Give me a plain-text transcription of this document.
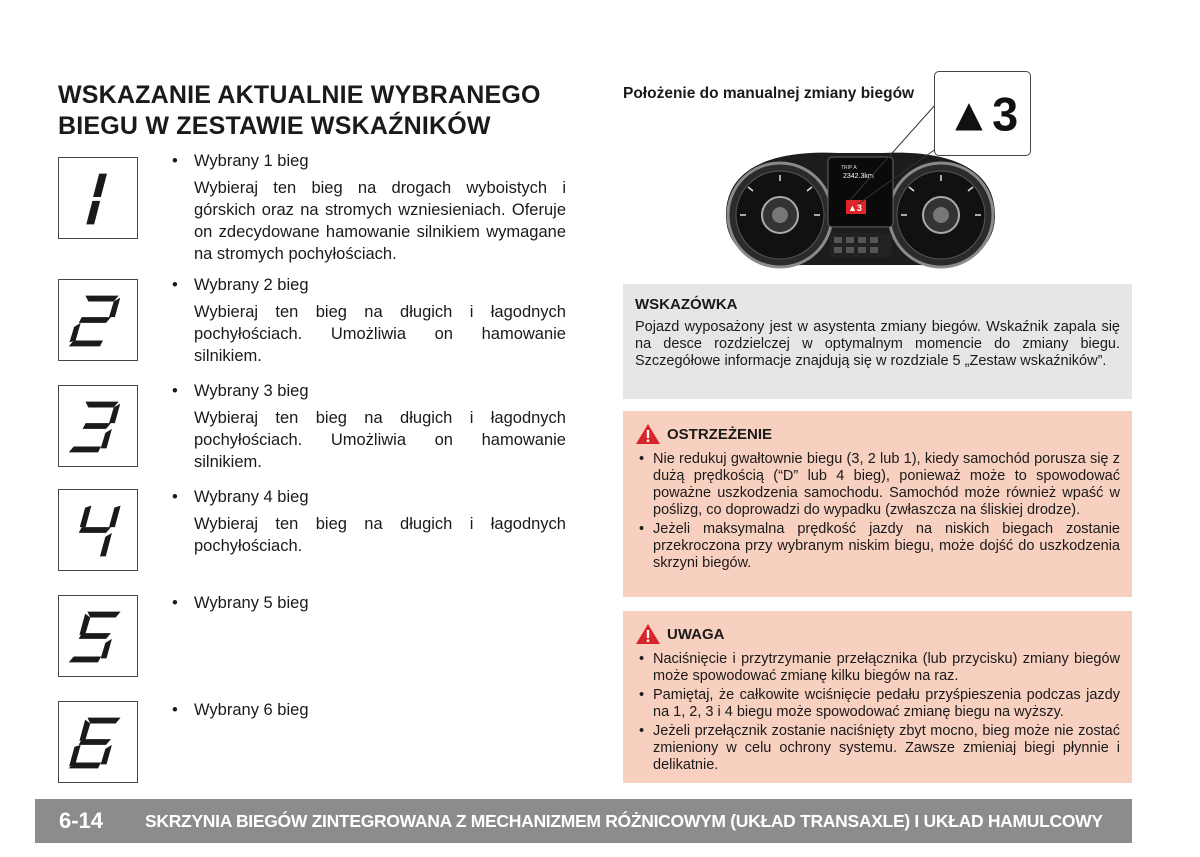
WSKAZANIE AKTUALNIE WYBRANEGO
BIEGU W ZESTAWIE WSKAŹNIKÓW
• Wybrany 1 bieg
Wybieraj ten bieg na drogach wyboistych i górskich oraz na stromych wzniesieniach. Oferuje on zdecydowane hamowanie silnikiem wymagane na stromych pochyłościach.
• Wybrany 2 bieg
Wybieraj ten bieg na długich i łagodnych pochyłościach. Umożliwia on hamowanie silnikiem.
• Wybrany 3 bieg
Wybieraj ten bieg na długich i łagodnych pochyłościach. Umożliwia on hamowanie silnikiem.
• Wybrany 4 bieg
Wybieraj ten bieg na długich i łagodnych pochyłościach.
• Wybrany 5 bieg
• Wybrany 6 bieg
Położenie do manualnej zmiany biegów
TRIP A
2342.3km
▲3
▲3
WSKAZÓWKA

Pojazd wyposażony jest w asystenta zmiany biegów. Wskaźnik zapala się na desce rozdzielczej w optymalnym momencie do zmiany biegu. Szczegółowe informacje znajdują się w rozdziale 5 „Zestaw wskaźników”.

OSTRZEŻENIE
• Nie redukuj gwałtownie biegu (3, 2 lub 1), kiedy samochód porusza się z dużą prędkością (“D” lub 4 bieg), ponieważ może to spowodować poważne uszkodzenia samochodu. Samochód może również wpaść w poślizg, co doprowadzi do wypadku (zwłaszcza na śliskiej drodze).
• Jeżeli maksymalna prędkość jazdy na niskich biegach zostanie przekroczona przy wybranym niskim biegu, może dojść do uszkodzenia skrzyni biegów.
UWAGA
• Naciśnięcie i przytrzymanie przełącznika (lub przycisku) zmiany biegów może spowodować zmianę kilku biegów na raz.
• Pamiętaj, że całkowite wciśnięcie pedału przyśpieszenia podczas jazdy na 1, 2, 3 i 4 biegu może spowodować zmianę biegu na wyższy.
• Jeżeli przełącznik zostanie naciśnięty zbyt mocno, bieg może nie zostać zmieniony w celu ochrony systemu. Zawsze zmieniaj biegi płynnie i delikatnie.
6-14	SKRZYNIA BIEGÓW ZINTEGROWANA Z MECHANIZMEM RÓŻNICOWYM (UKŁAD TRANSAXLE) I UKŁAD HAMULCOWY
